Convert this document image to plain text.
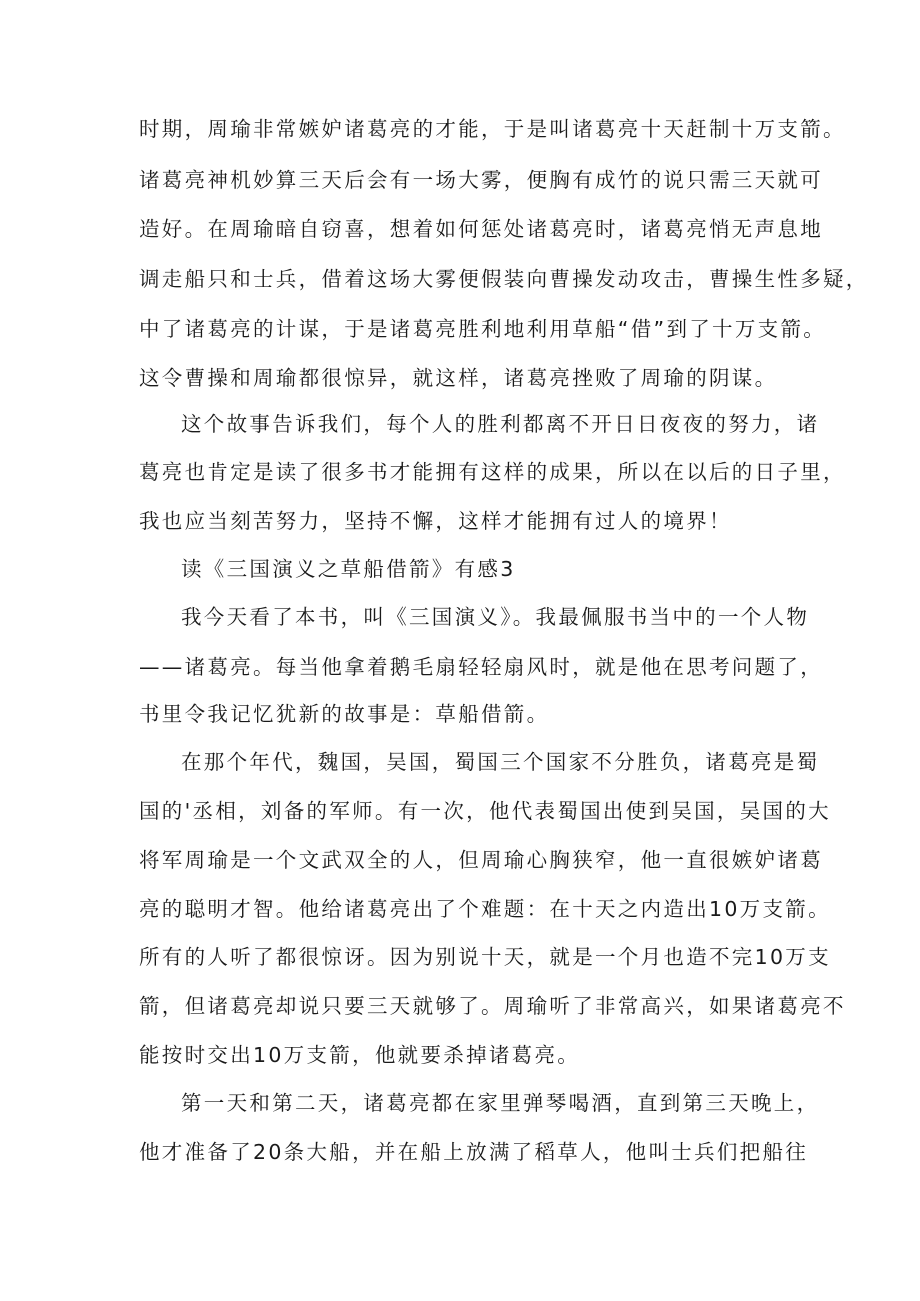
时期，周瑜非常嫉妒诸葛亮的才能，于是叫诸葛亮十天赶制十万支箭。
诸葛亮神机妙算三天后会有一场大雾，便胸有成竹的说只需三天就可
造好。在周瑜暗自窃喜，想着如何惩处诸葛亮时，诸葛亮悄无声息地
调走船只和士兵，借着这场大雾便假装向曹操发动攻击，曹操生性多疑，
中了诸葛亮的计谋，于是诸葛亮胜利地利用草船“借”到了十万支箭。
这令曹操和周瑜都很惊异，就这样，诸葛亮挫败了周瑜的阴谋。
这个故事告诉我们，每个人的胜利都离不开日日夜夜的努力，诸
葛亮也肯定是读了很多书才能拥有这样的成果，所以在以后的日子里，
我也应当刻苦努力，坚持不懈，这样才能拥有过人的境界！
读《三国演义之草船借箭》有感3
我今天看了本书，叫《三国演义》。我最佩服书当中的一个人物
——诸葛亮。每当他拿着鹅毛扇轻轻扇风时，就是他在思考问题了，
书里令我记忆犹新的故事是：草船借箭。
在那个年代，魏国，吴国，蜀国三个国家不分胜负，诸葛亮是蜀
国的'丞相，刘备的军师。有一次，他代表蜀国出使到吴国，吴国的大
将军周瑜是一个文武双全的人，但周瑜心胸狭窄，他一直很嫉妒诸葛
亮的聪明才智。他给诸葛亮出了个难题：在十天之内造出10万支箭。
所有的人听了都很惊讶。因为别说十天，就是一个月也造不完10万支
箭，但诸葛亮却说只要三天就够了。周瑜听了非常高兴，如果诸葛亮不
能按时交出10万支箭，他就要杀掉诸葛亮。
第一天和第二天，诸葛亮都在家里弹琴喝酒，直到第三天晚上，
他才准备了20条大船，并在船上放满了稻草人，他叫士兵们把船往
